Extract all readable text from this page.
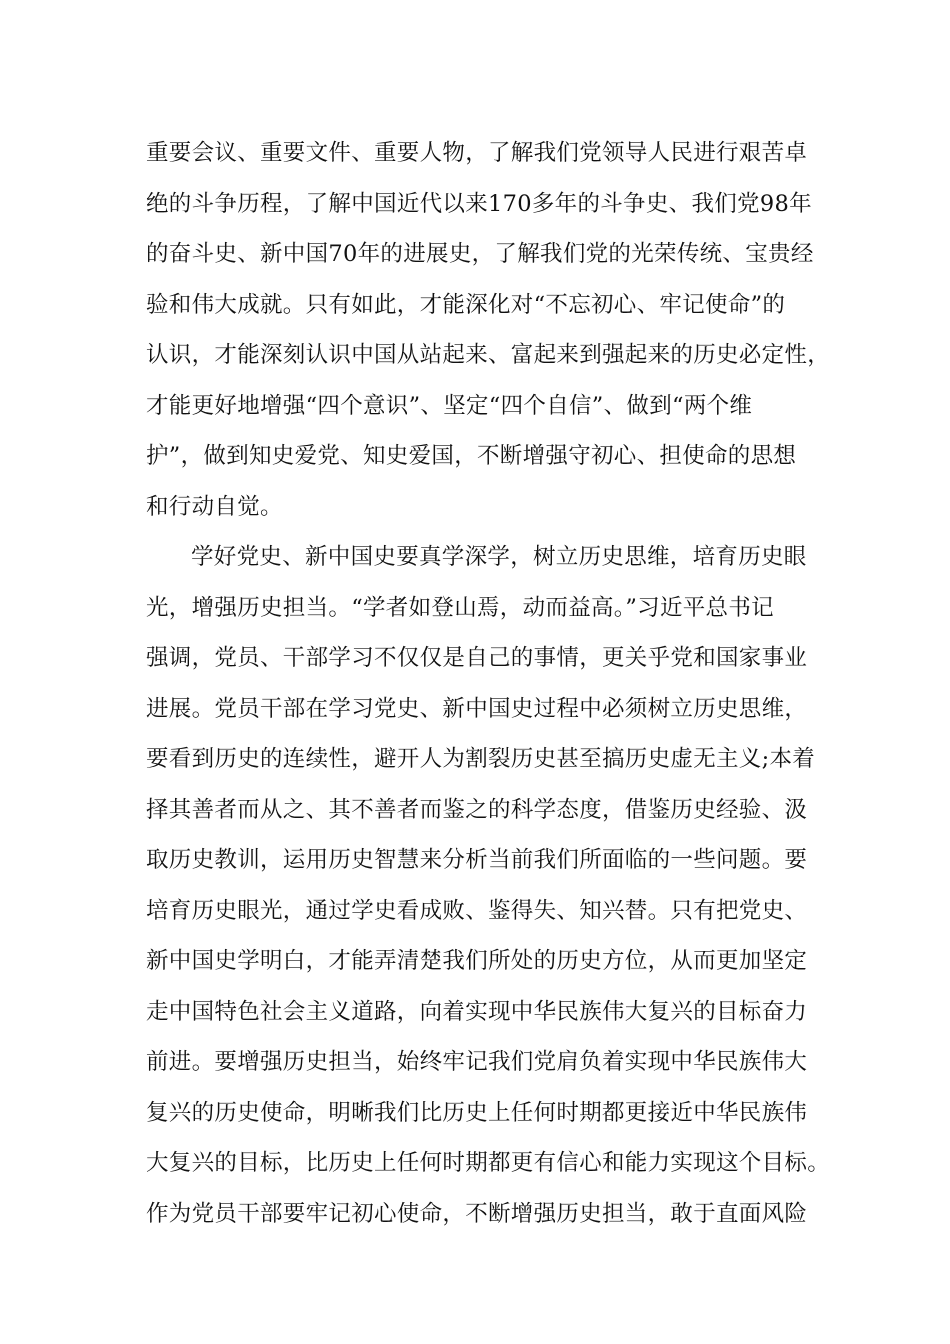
重要会议、重要文件、重要人物，了解我们党领导人民进行艰苦卓
绝的斗争历程，了解中国近代以来170多年的斗争史、我们党98年
的奋斗史、新中国70年的进展史，了解我们党的光荣传统、宝贵经
验和伟大成就。只有如此，才能深化对“不忘初心、牢记使命”的
认识，才能深刻认识中国从站起来、富起来到强起来的历史必定性，
才能更好地增强“四个意识”、坚定“四个自信”、做到“两个维
护”，做到知史爱党、知史爱国，不断增强守初心、担使命的思想
和行动自觉。
学好党史、新中国史要真学深学，树立历史思维，培育历史眼
光，增强历史担当。“学者如登山焉，动而益高。”习近平总书记
强调，党员、干部学习不仅仅是自己的事情，更关乎党和国家事业
进展。党员干部在学习党史、新中国史过程中必须树立历史思维，
要看到历史的连续性，避开人为割裂历史甚至搞历史虚无主义;本着
择其善者而从之、其不善者而鉴之的科学态度，借鉴历史经验、汲
取历史教训，运用历史智慧来分析当前我们所面临的一些问题。要
培育历史眼光，通过学史看成败、鉴得失、知兴替。只有把党史、
新中国史学明白，才能弄清楚我们所处的历史方位，从而更加坚定
走中国特色社会主义道路，向着实现中华民族伟大复兴的目标奋力
前进。要增强历史担当，始终牢记我们党肩负着实现中华民族伟大
复兴的历史使命，明晰我们比历史上任何时期都更接近中华民族伟
大复兴的目标，比历史上任何时期都更有信心和能力实现这个目标。
作为党员干部要牢记初心使命，不断增强历史担当，敢于直面风险
